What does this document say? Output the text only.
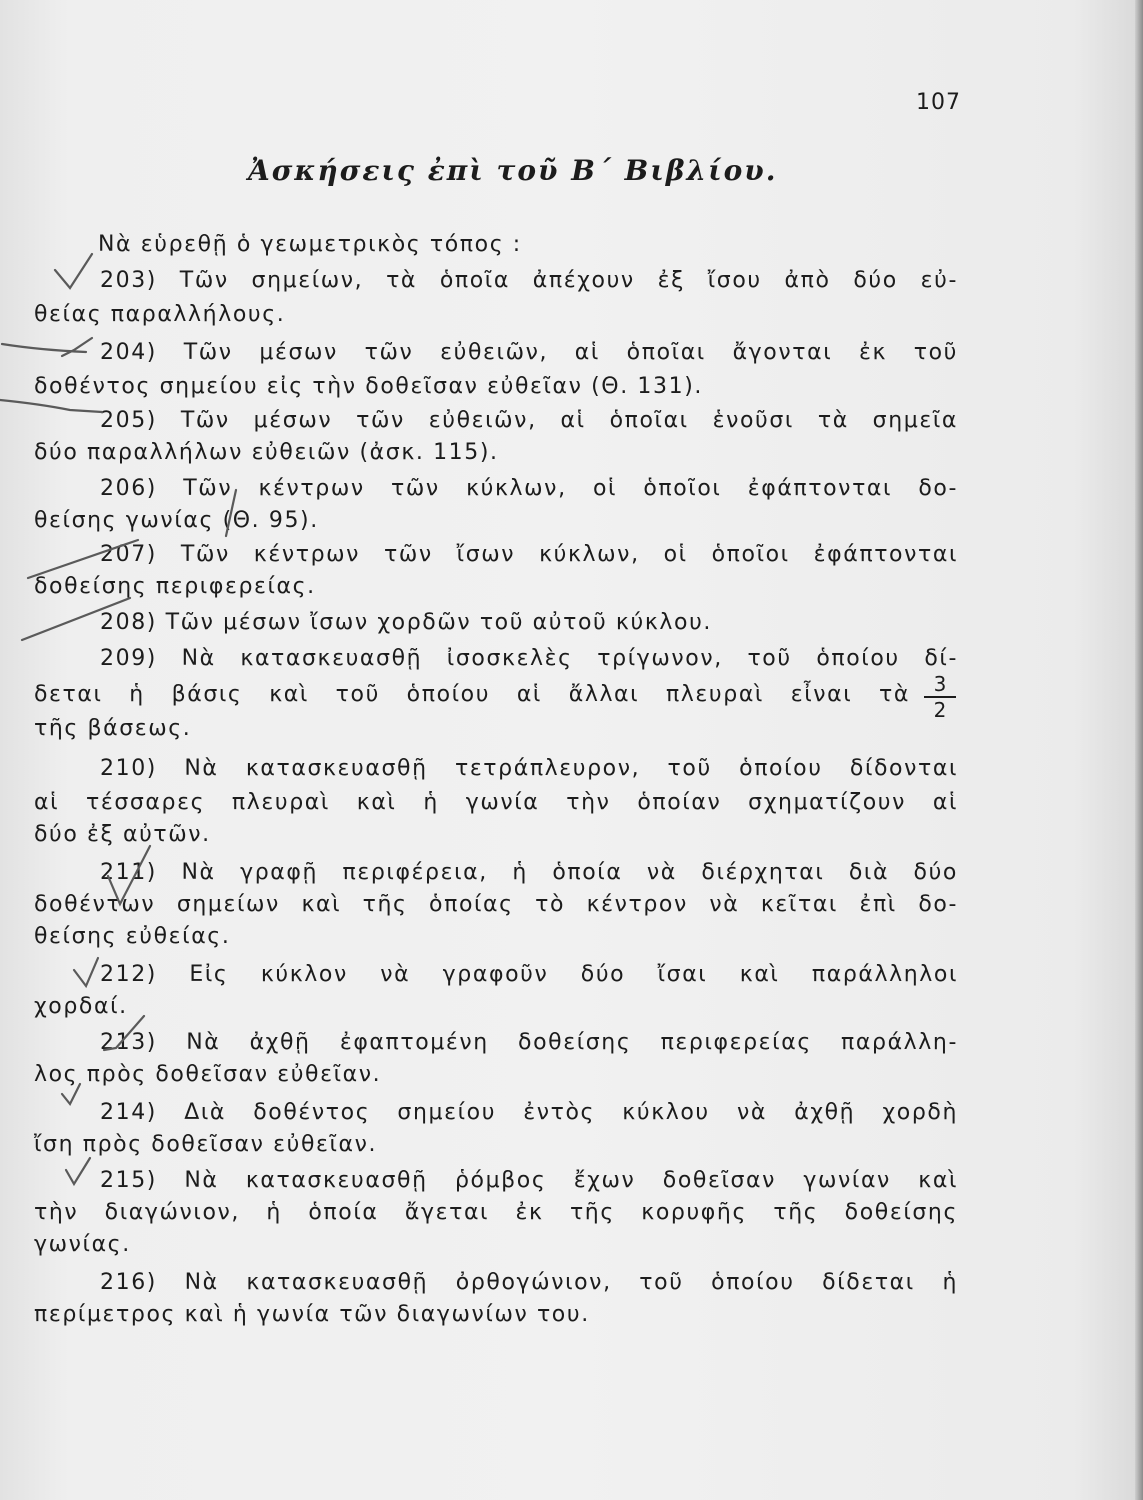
107
Ἀσκήσεις ἐπὶ τοῦ Β΄ Βιβλίου.
Νὰ εὑρεθῇ ὁ γεωμετρικὸς τόπος :
203) Τῶν σημείων, τὰ ὁποῖα ἀπέχουν ἐξ ἴσου ἀπὸ δύο εὐ-
θείας παραλλήλους.
204) Τῶν μέσων τῶν εὐθειῶν, αἱ ὁποῖαι ἄγονται ἐκ τοῦ
δοθέντος σημείου εἰς τὴν δοθεῖσαν εὐθεῖαν (Θ. 131).
205) Τῶν μέσων τῶν εὐθειῶν, αἱ ὁποῖαι ἑνοῦσι τὰ σημεῖα
δύο παραλλήλων εὐθειῶν (ἀσκ. 115).
206) Τῶν κέντρων τῶν κύκλων, οἱ ὁποῖοι ἐφάπτονται δο-
θείσης γωνίας (Θ. 95).
207) Τῶν κέντρων τῶν ἴσων κύκλων, οἱ ὁποῖοι ἐφάπτονται
δοθείσης περιφερείας.
208) Τῶν μέσων ἴσων χορδῶν τοῦ αὐτοῦ κύκλου.
209) Νὰ κατασκευασθῇ ἰσοσκελὲς τρίγωνον, τοῦ ὁποίου δί-
δεται ἡ βάσις καὶ τοῦ ὁποίου αἱ ἄλλαι πλευραὶ εἶναι τὰ	3
2
τῆς βάσεως.
210) Νὰ κατασκευασθῇ τετράπλευρον, τοῦ ὁποίου δίδονται
αἱ τέσσαρες πλευραὶ καὶ ἡ γωνία τὴν ὁποίαν σχηματίζουν αἱ
δύο ἐξ αὐτῶν.
211) Νὰ γραφῇ περιφέρεια, ἡ ὁποία νὰ διέρχηται διὰ δύο
δοθέντων σημείων καὶ τῆς ὁποίας τὸ κέντρον νὰ κεῖται ἐπὶ δο-
θείσης εὐθείας.
212) Εἰς κύκλον νὰ γραφοῦν δύο ἴσαι καὶ παράλληλοι
χορδαί.
213) Νὰ ἀχθῇ ἐφαπτομένη δοθείσης περιφερείας παράλλη-
λος πρὸς δοθεῖσαν εὐθεῖαν.
214) Διὰ δοθέντος σημείου ἐντὸς κύκλου νὰ ἀχθῇ χορδὴ
ἴση πρὸς δοθεῖσαν εὐθεῖαν.
215) Νὰ κατασκευασθῇ ῥόμβος ἔχων δοθεῖσαν γωνίαν καὶ
τὴν διαγώνιον, ἡ ὁποία ἄγεται ἐκ τῆς κορυφῆς τῆς δοθείσης
γωνίας.
216) Νὰ κατασκευασθῇ ὀρθογώνιον, τοῦ ὁποίου δίδεται ἡ
περίμετρος καὶ ἡ γωνία τῶν διαγωνίων του.
